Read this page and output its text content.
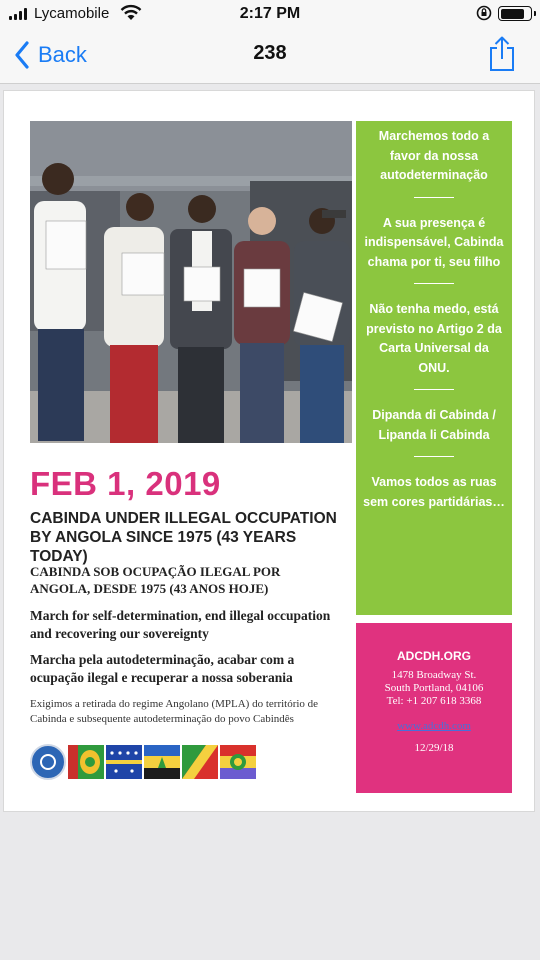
Lycamobile	2:17 PM
Back	238
FEB 1, 2019
CABINDA UNDER ILLEGAL OCCUPATION BY ANGOLA SINCE 1975 (43 YEARS TODAY)
CABINDA SOB OCUPAÇÃO ILEGAL POR ANGOLA, DESDE 1975 (43 ANOS HOJE)
March for self-determination, end illegal occupation and recovering our sovereignty
Marcha pela autodeterminação, acabar com a ocupação ilegal e recuperar a nossa soberania
Exigimos a retirada do regime Angolano (MPLA) do território de Cabinda e subsequente autodeterminação do povo Cabindês
Marchemos todo a favor da nossa autodeterminação
A sua presença é indispensável, Cabinda chama por ti, seu filho
Não tenha medo, está previsto no Artigo 2 da Carta Universal da ONU.
Dipanda di Cabinda / Lipanda li Cabinda
Vamos todos as ruas sem cores partidárias…
ADCDH.ORG
1478 Broadway St.
South Portland, 04106
Tel: +1 207 618 3368
www.adcdh.com
12/29/18
